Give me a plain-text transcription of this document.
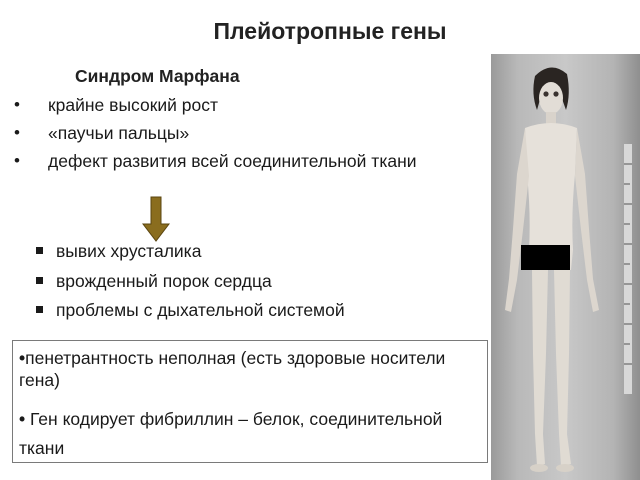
Плейотропные гены
Синдром Марфана
• крайне высокий рост
• «паучьи пальцы»
• дефект развития всей соединительной ткани
вывих хрусталика
врожденный порок сердца
проблемы с дыхательной системой

•пенетрантность неполная (есть здоровые носители гена)

• Ген кодирует фибриллин – белок, соединительной ткани
